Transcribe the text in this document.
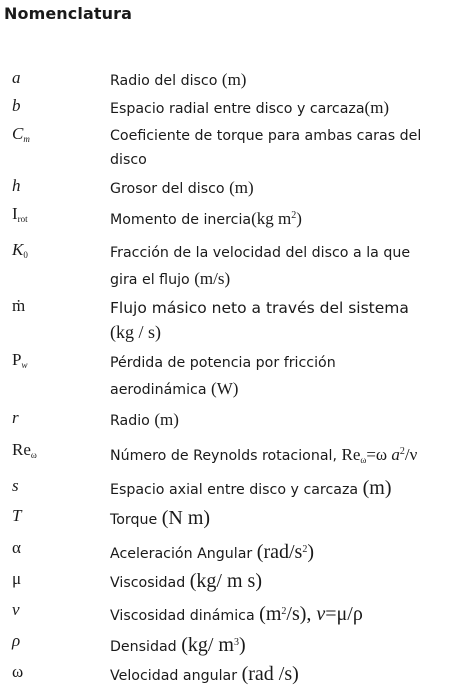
Nomenclatura
a	Radio del disco (m)
b	Espacio radial entre disco y carcaza(m)
$C_m$	Coeficiente de torque para ambas caras del
disco
h	Grosor del disco (m)
$I_{rot}$	Momento de inercia(kg $m^2$)
$K_0$	Fracción de la velocidad del disco a la que
gira el flujo (m/s)
ṁ	Flujo másico neto a través del sistema
(kg / s)
$P_w$	Pérdida de potencia por fricción
aerodinámica (W)
r	Radio (m)
$Re_\omega$	Número de Reynolds rotacional, $Re_\omega=\omega$ $a^2/\nu$
s	Espacio axial entre disco y carcaza (m)
T	Torque (N m)
α	Aceleración Angular $(rad/s^2)$
μ	Viscosidad (kg/ m s)
ν	Viscosidad dinámica $(m^2/s)$, ν=μ/ρ
ρ	Densidad (kg/ $m^3$)
ω	Velocidad angular (rad /s)
